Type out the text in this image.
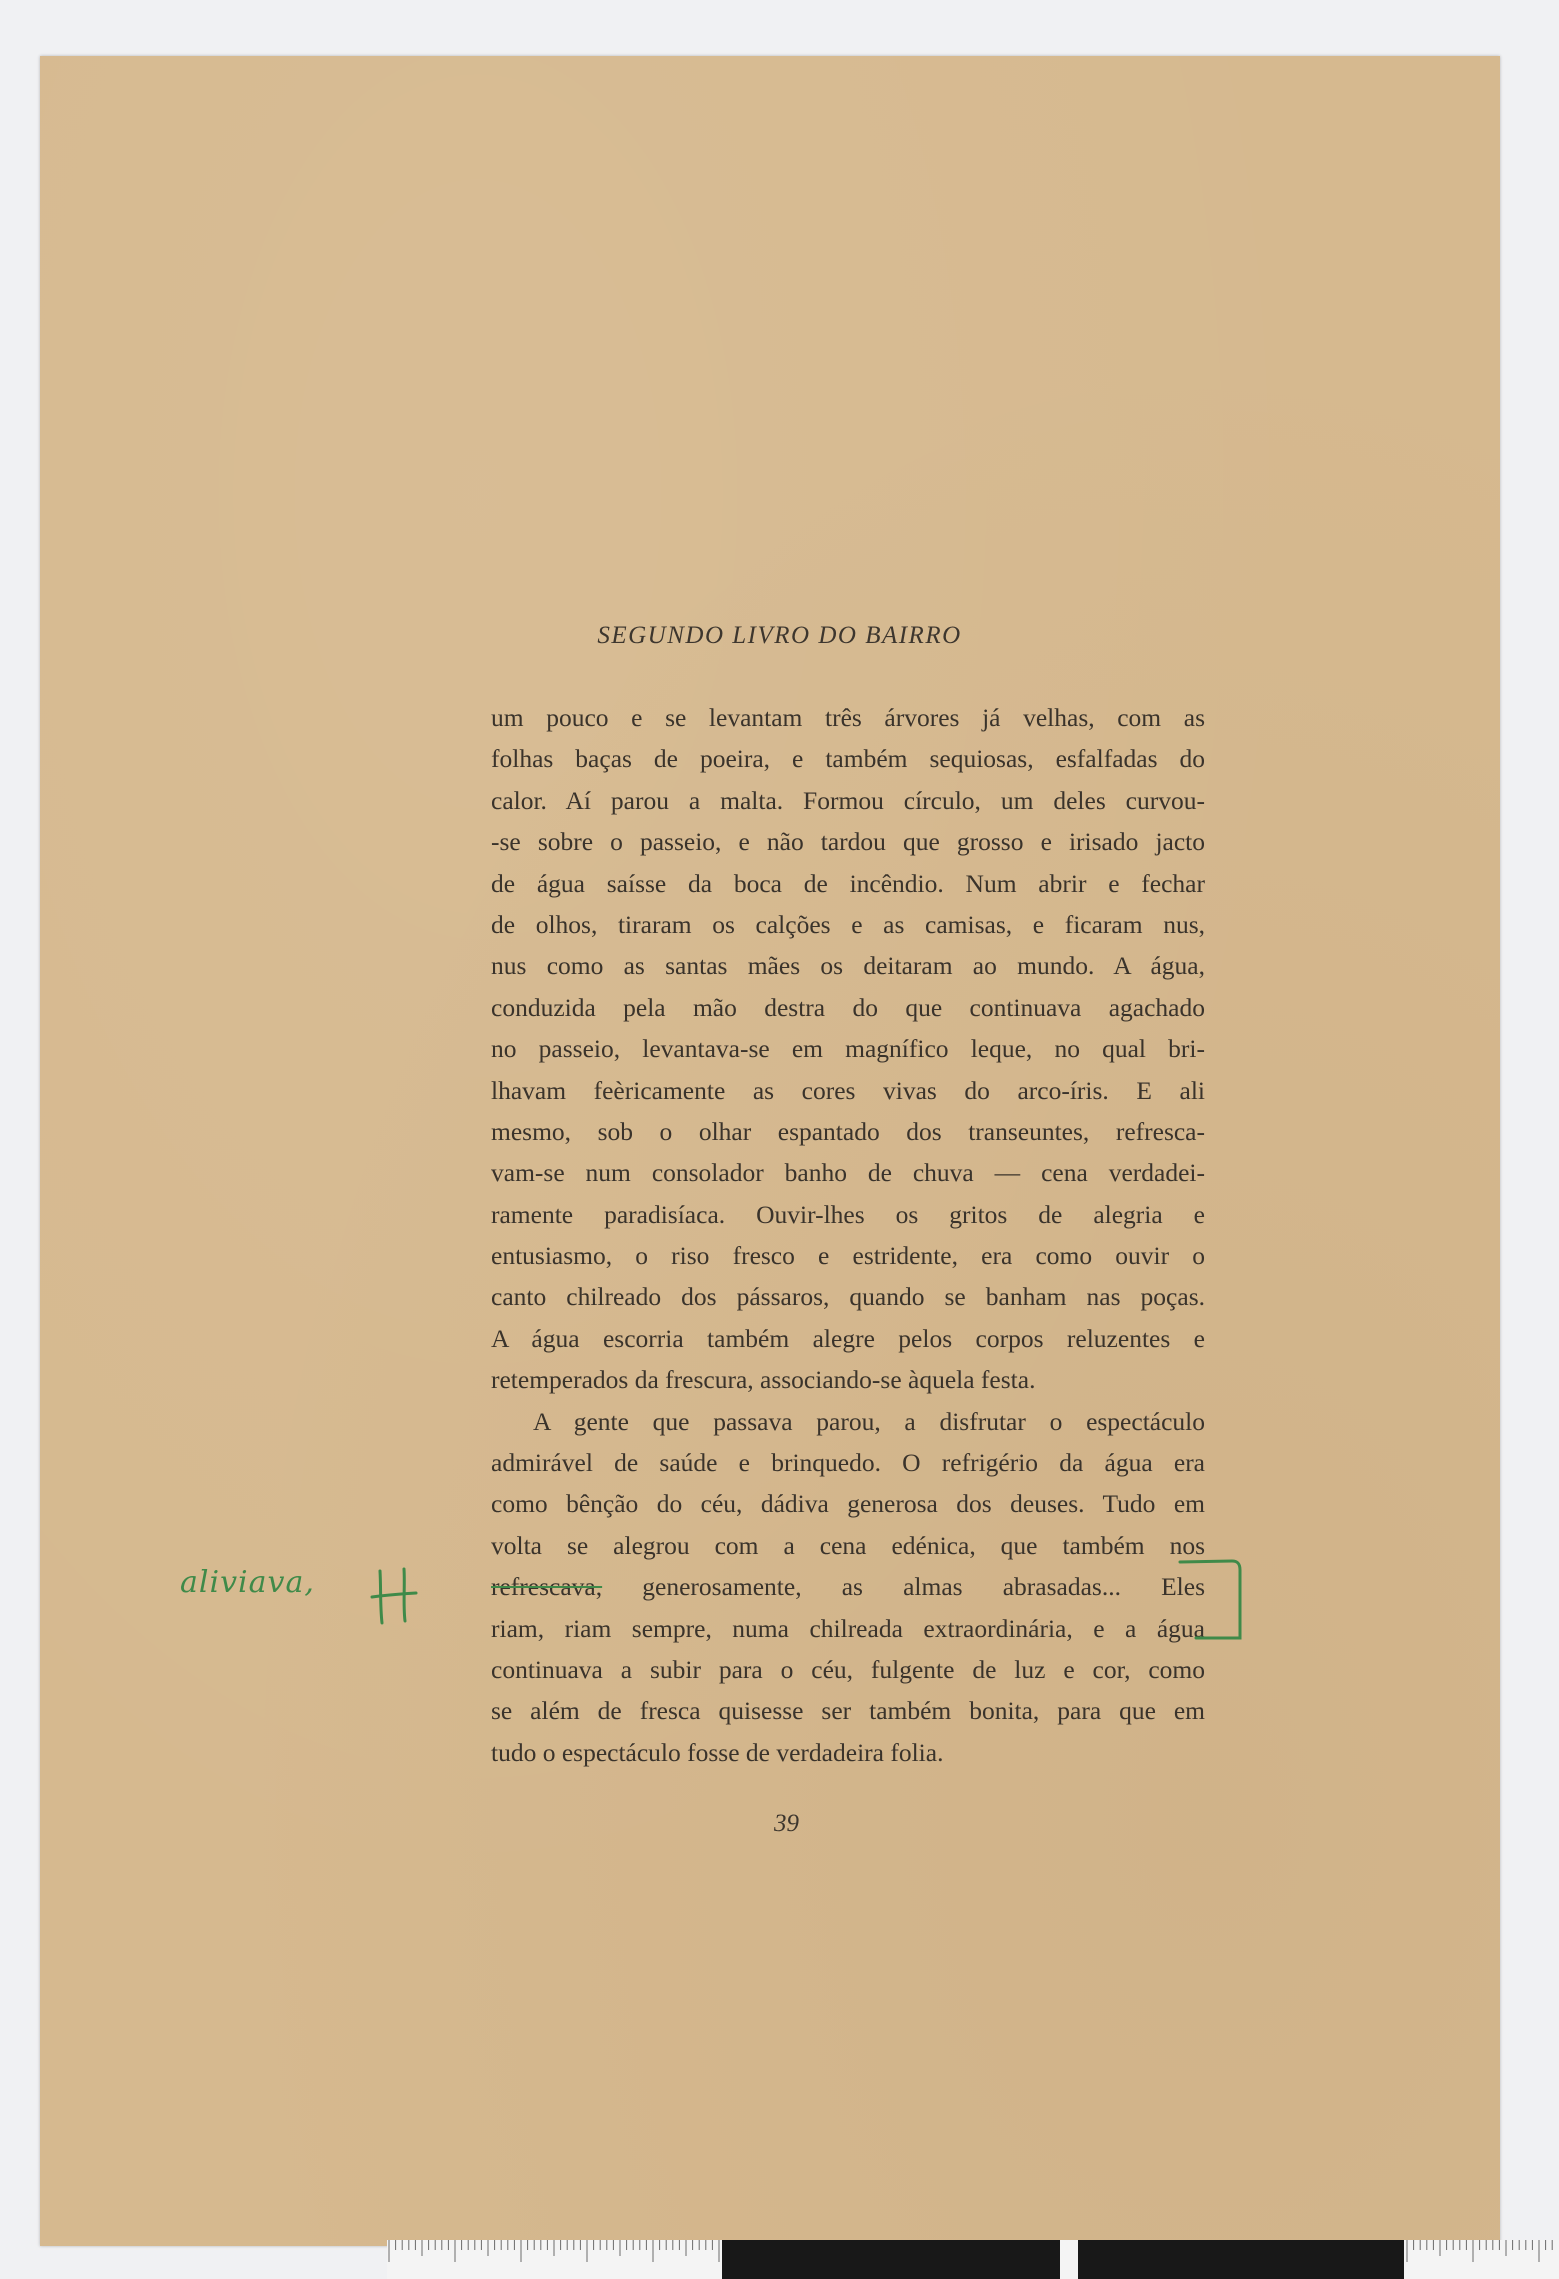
SEGUNDO LIVRO DO BAIRRO
um pouco e se levantam três árvores já velhas, com as
folhas baças de poeira, e também sequiosas, esfalfadas do
calor. Aí parou a malta. Formou círculo, um deles curvou-
-se sobre o passeio, e não tardou que grosso e irisado jacto
de água saísse da boca de incêndio. Num abrir e fechar
de olhos, tiraram os calções e as camisas, e ficaram nus,
nus como as santas mães os deitaram ao mundo. A água,
conduzida pela mão destra do que continuava agachado
no passeio, levantava-se em magnífico leque, no qual bri-
lhavam feèricamente as cores vivas do arco-íris. E ali
mesmo, sob o olhar espantado dos transeuntes, refresca-
vam-se num consolador banho de chuva — cena verdadei-
ramente paradisíaca. Ouvir-lhes os gritos de alegria e
entusiasmo, o riso fresco e estridente, era como ouvir o
canto chilreado dos pássaros, quando se banham nas poças.
A água escorria também alegre pelos corpos reluzentes e
retemperados da frescura, associando-se àquela festa.
A gente que passava parou, a disfrutar o espectáculo
admirável de saúde e brinquedo. O refrigério da água era
como bênção do céu, dádiva generosa dos deuses. Tudo em
volta se alegrou com a cena edénica, que também nos
refrescava, generosamente, as almas abrasadas... Eles
riam, riam sempre, numa chilreada extraordinária, e a água
continuava a subir para o céu, fulgente de luz e cor, como
se além de fresca quisesse ser também bonita, para que em
tudo o espectáculo fosse de verdadeira folia.
39
aliviava,
